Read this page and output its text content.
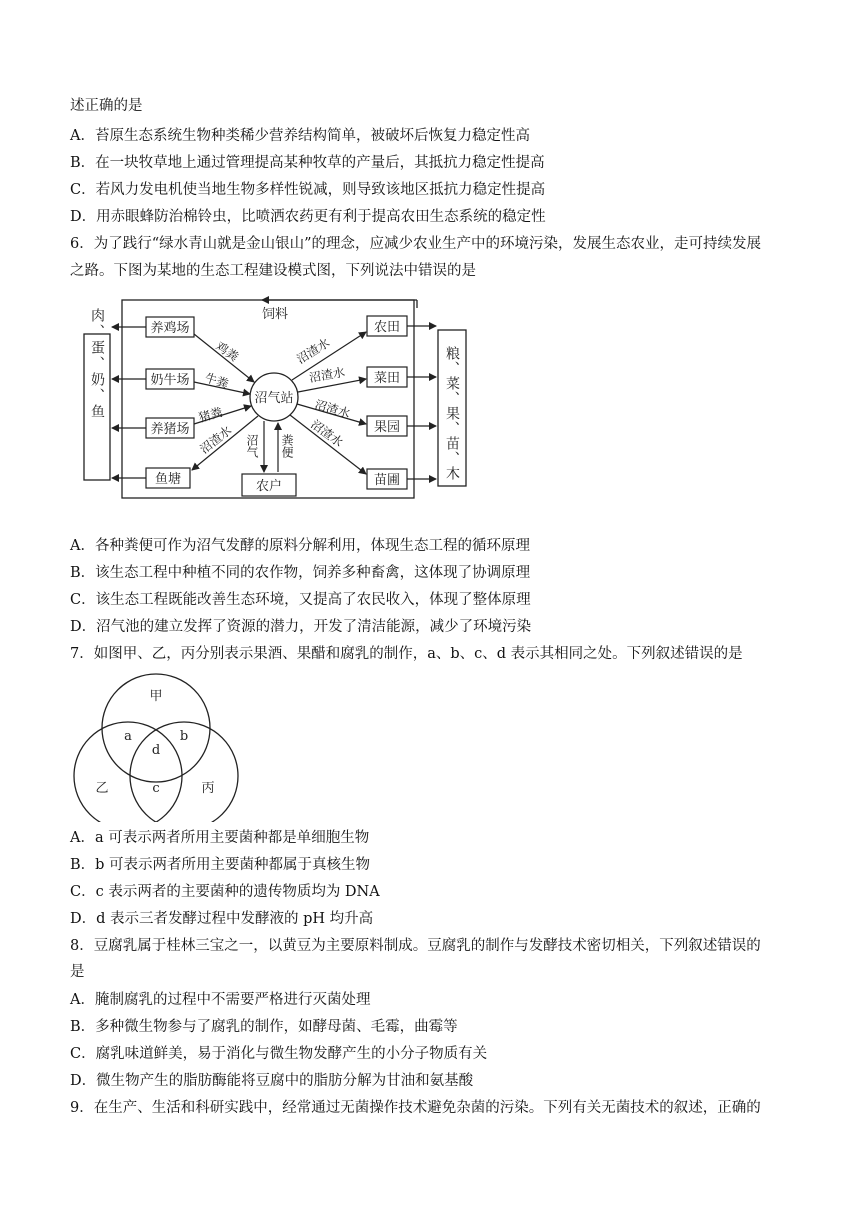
述正确的是
A．苔原生态系统生物种类稀少营养结构简单，被破坏后恢复力稳定性高
B．在一块牧草地上通过管理提高某种牧草的产量后，其抵抗力稳定性提高
C．若风力发电机使当地生物多样性锐减，则导致该地区抵抗力稳定性提高
D．用赤眼蜂防治棉铃虫，比喷洒农药更有利于提高农田生态系统的稳定性
6．为了践行“绿水青山就是金山银山”的理念，应减少农业生产中的环境污染，发展生态农业，走可持续发展
之路。下图为某地的生态工程建设模式图，下列说法中错误的是
饲料
肉、蛋、奶、鱼	粮、菜、果、苗、木
养鸡场
奶牛场
养猪场
鱼塘
农田
菜田
果园
苗圃
沼气站
农户
鸡粪
牛粪
猪粪
沼渣水
沼渣水
沼渣水
沼渣水
沼渣水
沼气 粪便
A．各种粪便可作为沼气发酵的原料分解利用，体现生态工程的循环原理
B．该生态工程中种植不同的农作物，饲养多种畜禽，这体现了协调原理
C．该生态工程既能改善生态环境，又提高了农民收入，体现了整体原理
D．沼气池的建立发挥了资源的潜力，开发了清洁能源，减少了环境污染
7．如图甲、乙，丙分别表示果酒、果醋和腐乳的制作，a、b、c、d 表示其相同之处。下列叙述错误的是
甲
乙	丙
a	b
c
d
A．a 可表示两者所用主要菌种都是单细胞生物
B．b 可表示两者所用主要菌种都属于真核生物
C．c 表示两者的主要菌种的遗传物质均为 DNA
D．d 表示三者发酵过程中发酵液的 pH 均升高
8．豆腐乳属于桂林三宝之一，以黄豆为主要原料制成。豆腐乳的制作与发酵技术密切相关，下列叙述错误的
是
A．腌制腐乳的过程中不需要严格进行灭菌处理
B．多种微生物参与了腐乳的制作，如酵母菌、毛霉，曲霉等
C．腐乳味道鲜美，易于消化与微生物发酵产生的小分子物质有关
D．微生物产生的脂肪酶能将豆腐中的脂肪分解为甘油和氨基酸
9．在生产、生活和科研实践中，经常通过无菌操作技术避免杂菌的污染。下列有关无菌技术的叙述，正确的
